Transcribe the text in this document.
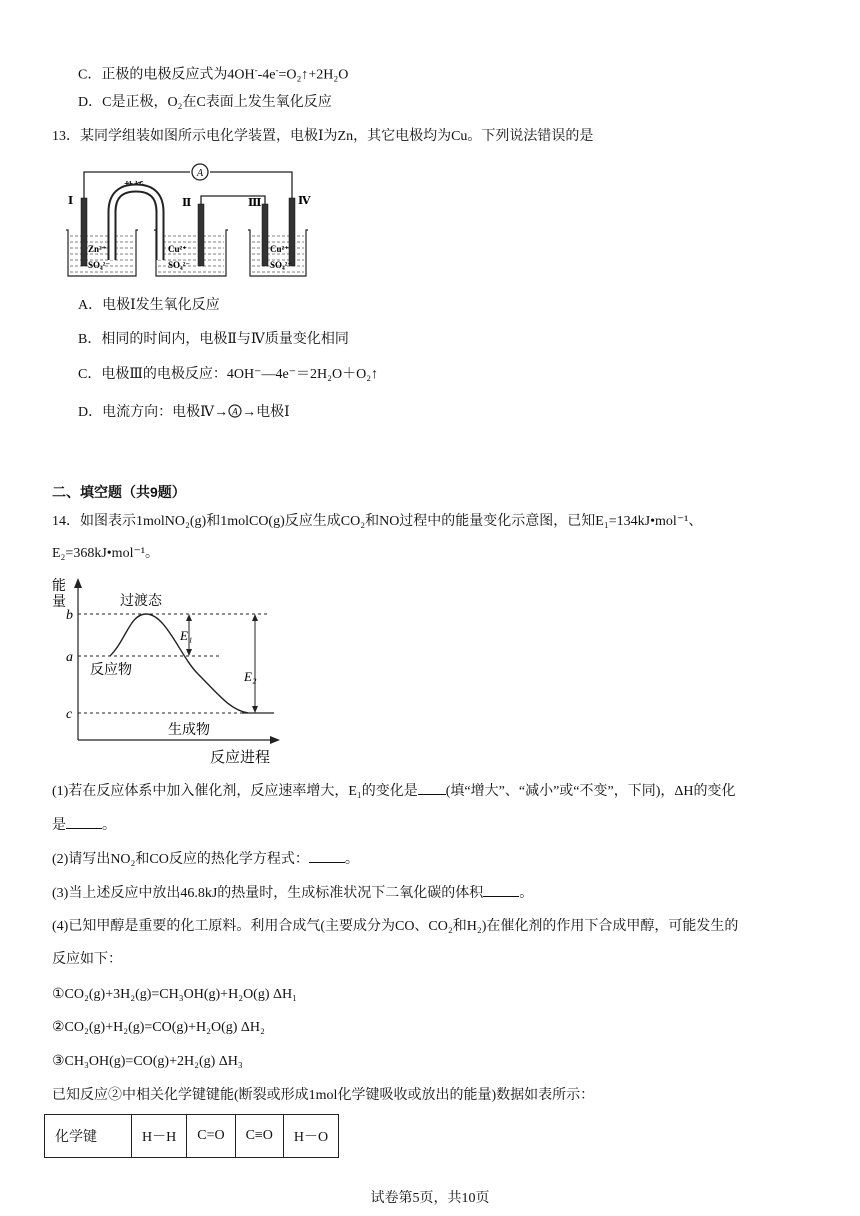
C．正极的电极反应式为4OH--4e-=O₂↑+2H₂O
D．C是正极，O₂在C表面上发生氧化反应
13．某同学组装如图所示电化学装置，电极Ⅰ为Zn，其它电极均为Cu。下列说法错误的是
A
盐桥
Ⅰ	Ⅱ	Ⅲ	Ⅳ
Zn²⁺
SO₄²⁻
Cu²⁺
SO₄²⁻
Cu²⁺
SO₄²⁻
A．电极Ⅰ发生氧化反应
B．相同的时间内，电极Ⅱ与Ⅳ质量变化相同
C．电极Ⅲ的电极反应：4OH⁻—4e⁻＝2H₂O＋O₂↑
D．电流方向：电极Ⅳ→ A →电极Ⅰ
二、填空题（共9题）
14．如图表示1molNO₂(g)和1molCO(g)反应生成CO₂和NO过程中的能量变化示意图，已知E₁=134kJ•mol⁻¹、
E₂=368kJ•mol⁻¹。
能
量
反应进程
b
a
c
E₁
E₂
过渡态
反应物
生成物
(1)若在反应体系中加入催化剂，反应速率增大，E₁的变化是 (填“增大”、“减小”或“不变”，下同)，ΔH的变化
是	。
(2)请写出NO₂和CO反应的热化学方程式：	。
(3)当上述反应中放出46.8kJ的热量时，生成标准状况下二氧化碳的体积	。
(4)已知甲醇是重要的化工原料。利用合成气(主要成分为CO、CO₂和H₂)在催化剂的作用下合成甲醇，可能发生的
反应如下：
①CO₂(g)+3H₂(g)=CH₃OH(g)+H₂O(g) ΔH₁
②CO₂(g)+H₂(g)=CO(g)+H₂O(g) ΔH₂
③CH₃OH(g)=CO(g)+2H₂(g) ΔH₃
已知反应②中相关化学键键能(断裂或形成1mol化学键吸收或放出的能量)数据如表所示：
化学键	H－H	C=O	C≡O	H－O
试卷第5页，共10页
